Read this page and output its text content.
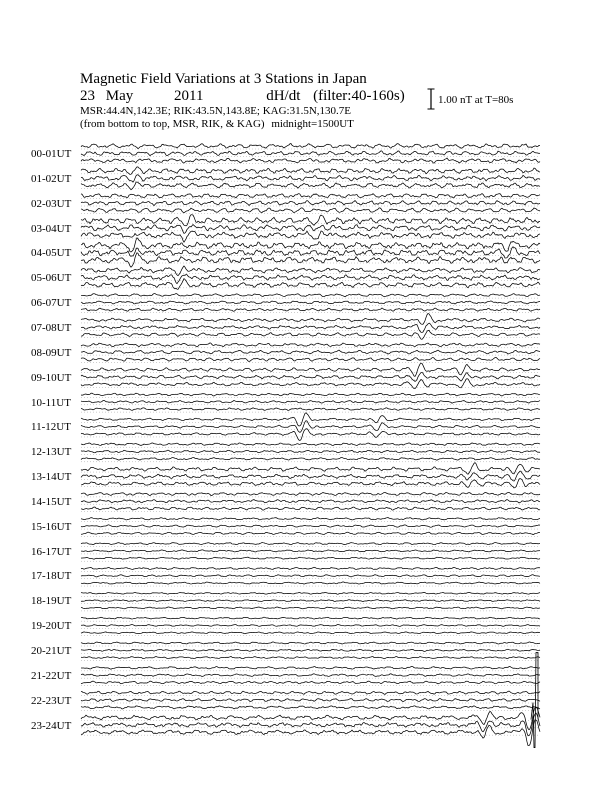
Magnetic Field Variations at 3 Stations in Japan
23 May	2011	dH/dt (filter:40-160s)
MSR:44.4N,142.3E; RIK:43.5N,143.8E; KAG:31.5N,130.7E
(from bottom to top, MSR, RIK, & KAG) midnight=1500UT
1.00 nT at T=80s
00-01UT
01-02UT
02-03UT
03-04UT
04-05UT
05-06UT
06-07UT
07-08UT
08-09UT
09-10UT
10-11UT
11-12UT
12-13UT
13-14UT
14-15UT
15-16UT
16-17UT
17-18UT
18-19UT
19-20UT
20-21UT
21-22UT
22-23UT
23-24UT
